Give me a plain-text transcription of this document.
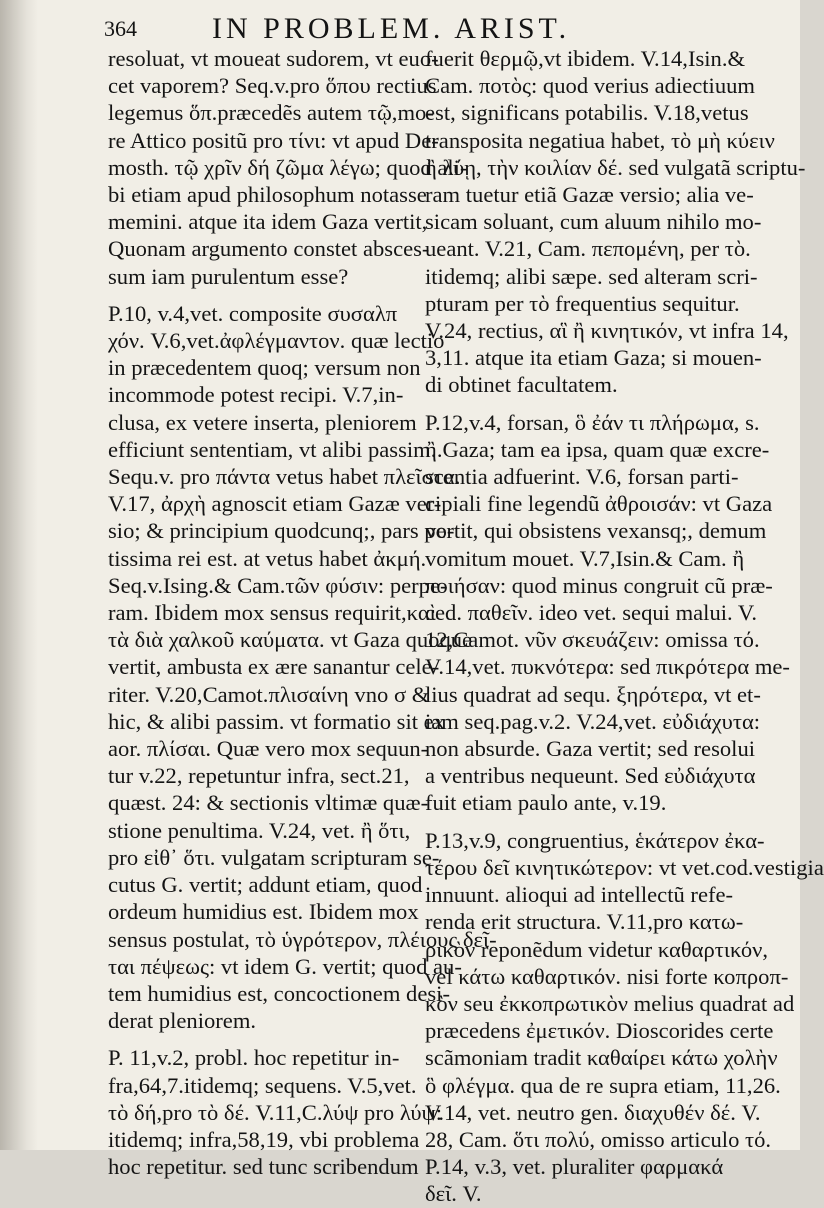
364	IN PROBLEM. ARIST.
resoluat, vt moueat sudorem, vt euo-
cet vaporem? Seq.v.pro ὅπου rectius
legemus ὅπ.præcedẽs autem τῷ,mo-
re Attico positũ pro τίνι: vt apud De-
mosth. τῷ χρῖν δή ζῶμα λέγω; quod ali-
bi etiam apud philosophum notasse
memini. atque ita idem Gaza vertit,
Quonam argumento constet absces-
sum iam purulentum esse?
P.10, v.4,vet. composite συσαλπ
χόν. V.6,vet.ἀφλέγμαντον. quæ lectio
in præcedentem quoq; versum non
incommode potest recipi. V.7,in-
clusa, ex vetere inserta, pleniorem
efficiunt sententiam, vt alibi passim.
Sequ.v. pro πάντα vetus habet πλεῖστα.
V.17, ἀρχὴ agnoscit etiam Gazæ ver-
sio; & principium quodcunq;, pars po-
tissima rei est. at vetus habet ἀκμή.
Seq.v.Ising.& Cam.τῶν φύσιν: perpe-
ram. Ibidem mox sensus requirit,καὶ
τὰ διὰ χαλκοῦ καύματα. vt Gaza quoque
vertit, ambusta ex ære sanantur cele-
riter. V.20,Camot.πλισαίνη vno σ &
hic, & alibi passim. vt formatio sit ex
aor. πλίσαι. Quæ vero mox sequun-
tur v.22, repetuntur infra, sect.21,
quæst. 24: & sectionis vltimæ quæ-
stione penultima. V.24, vet. ἢ ὅτι,
pro εἰθ᾽ ὅτι. vulgatam scripturam se-
cutus G. vertit; addunt etiam, quod
ordeum humidius est. Ibidem mox
sensus postulat, τὸ ὑγρότερον, πλέιους δεῖ-
ται πέψεως: vt idem G. vertit; quod au-
tem humidius est, concoctionem desi-
derat pleniorem.
P. 11,v.2, probl. hoc repetitur in-
fra,64,7.itidemq; sequens. V.5,vet.
τὸ δή,pro τὸ δέ. V.11,C.λύψ pro λύψ:
itidemq; infra,58,19, vbi problema
hoc repetitur. sed tunc scribendum
fuerit θερμῷ,vt ibidem. V.14,Isin.&
Cam. ποτὸς: quod verius adiectiuum
est, significans potabilis. V.18,vetus
transposita negatiua habet, τὸ μὴ κύειν
ἢ λύῃ, τὴν κοιλίαν δέ. sed vulgatã scriptu-
ram tuetur etiã Gazæ versio; alia ve-
sicam soluant, cum aluum nihilo mo-
ueant. V.21, Cam. πεπομένη, per τὸ.
itidemq; alibi sæpe. sed alteram scri-
pturam per τὸ frequentius sequitur.
V.24, rectius, αἳ ἢ κινητικόν, vt infra 14,
3,11. atque ita etiam Gaza; si mouen-
di obtinet facultatem.
P.12,v.4, forsan, ὃ ἐάν τι πλήρωμα, s.
ἢ.Gaza; tam ea ipsa, quam quæ excre-
scentia adfuerint. V.6, forsan parti-
cipiali fine legendũ ἀθροισάν: vt Gaza
vertit, qui obsistens vexansq;, demum
vomitum mouet. V.7,Isin.& Cam. ἢ
ποιήσαν: quod minus congruit cũ præ-
ced. παθεῖν. ideo vet. sequi malui. V.
12,Camot. νῦν σκευάζειν: omissa τό.
V.14,vet. πυκνότερα: sed πικρότερα me-
lius quadrat ad sequ. ξηρότερα, vt et-
iam seq.pag.v.2. V.24,vet. εὐδιάχυτα:
non absurde. Gaza vertit; sed resolui
a ventribus nequeunt. Sed εὐδιάχυτα
fuit etiam paulo ante, v.19.
P.13,v.9, congruentius, ἑκάτερον ἐκα-
τέρου δεῖ κινητικώτερον: vt vet.cod.vestigia
innuunt. alioqui ad intellectũ refe-
renda erit structura. V.11,pro κατω-
ρικὸν reponẽdum videtur καθαρτικόν,
vel κάτω καθαρτικόν. nisi forte κοπροπ-
κὸν seu ἐκκοπρωτικὸν melius quadrat ad
præcedens ἐμετικόν. Dioscorides certe
scãmoniam tradit καθαίρει κάτω χολὴν
ὃ φλέγμα. qua de re supra etiam, 11,26.
V.14, vet. neutro gen. διαχυθέν δέ. V.
28, Cam. ὅτι πολύ, omisso articulo τό.
P.14, v.3, vet. pluraliter φαρμακά
δεῖ. V.
